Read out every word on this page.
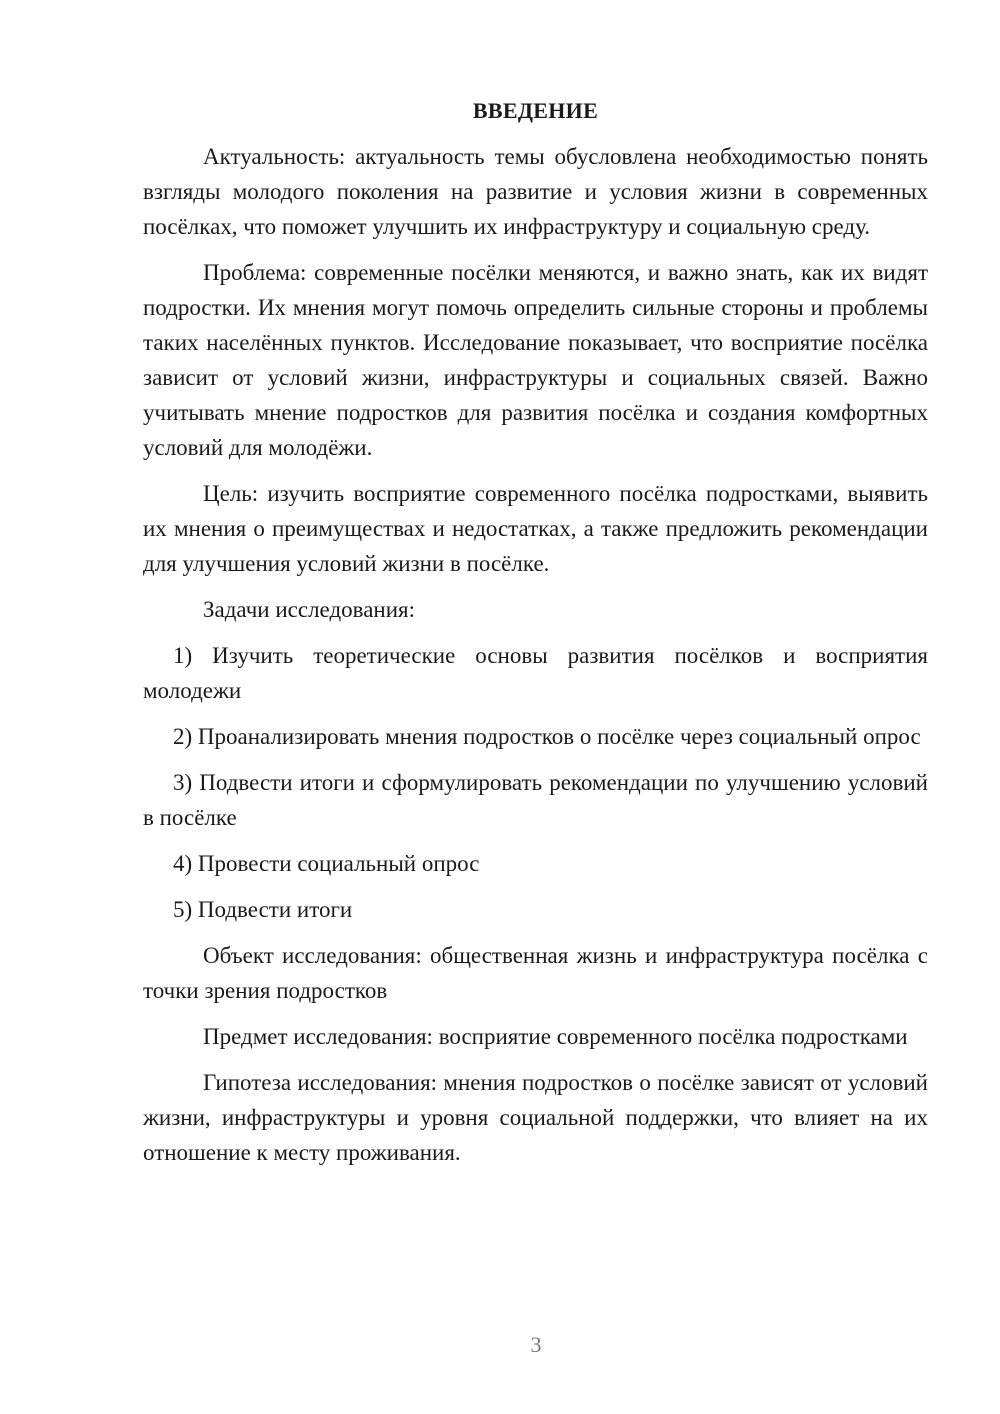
ВВЕДЕНИЕ

Актуальность: актуальность темы обусловлена необходимостью понять взгляды молодого поколения на развитие и условия жизни в современных посёлках, что поможет улучшить их инфраструктуру и социальную среду.

Проблема: современные посёлки меняются, и важно знать, как их видят подростки. Их мнения могут помочь определить сильные стороны и проблемы таких населённых пунктов. Исследование показывает, что восприятие посёлка зависит от условий жизни, инфраструктуры и социальных связей. Важно учитывать мнение подростков для развития посёлка и создания комфортных условий для молодёжи.

Цель: изучить восприятие современного посёлка подростками, выявить их мнения о преимуществах и недостатках, а также предложить рекомендации для улучшения условий жизни в посёлке.

Задачи исследования:

1) Изучить теоретические основы развития посёлков и восприятия молодежи

2) Проанализировать мнения подростков о посёлке через социальный опрос

3) Подвести итоги и сформулировать рекомендации по улучшению условий в посёлке

4) Провести социальный опрос

5) Подвести итоги

Объект исследования: общественная жизнь и инфраструктура посёлка с точки зрения подростков

Предмет исследования: восприятие современного посёлка подростками

Гипотеза исследования: мнения подростков о посёлке зависят от условий жизни, инфраструктуры и уровня социальной поддержки, что влияет на их отношение к месту проживания.

3
